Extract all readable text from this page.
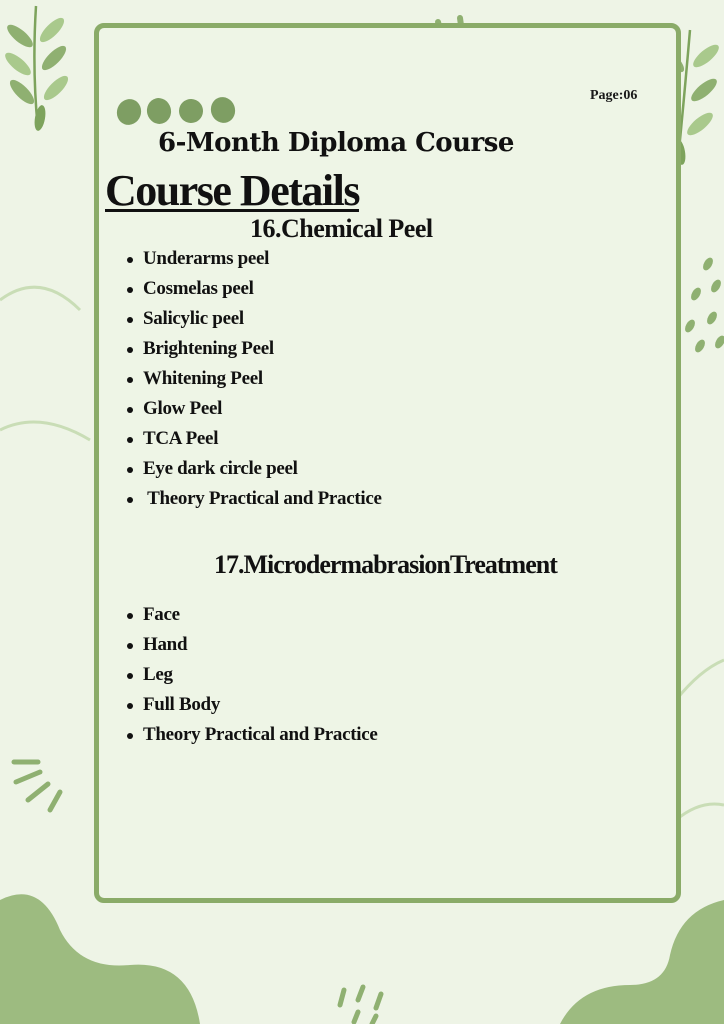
Page:06
6-Month Diploma Course
Course Details
16.Chemical Peel
Underarms peel
Cosmelas peel
Salicylic peel
Brightening Peel
Whitening Peel
Glow Peel
TCA Peel
Eye dark circle peel
Theory Practical and Practice
17.MicrodermabrasionTreatment
Face
Hand
Leg
Full Body
Theory Practical and Practice
